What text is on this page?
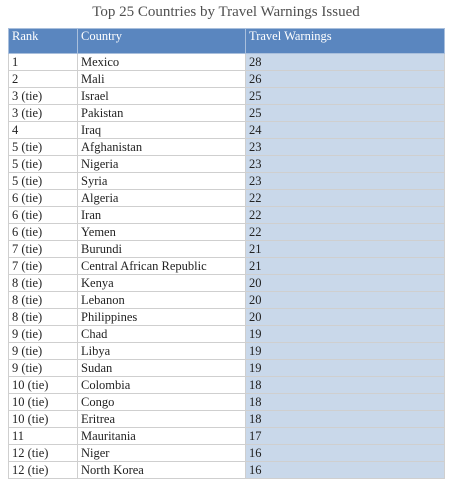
Top 25 Countries by Travel Warnings Issued
Rank	Country	Travel Warnings
1	Mexico	28
2	Mali	26
3 (tie)	Israel	25
3 (tie)	Pakistan	25
4	Iraq	24
5 (tie)	Afghanistan	23
5 (tie)	Nigeria	23
5 (tie)	Syria	23
6 (tie)	Algeria	22
6 (tie)	Iran	22
6 (tie)	Yemen	22
7 (tie)	Burundi	21
7 (tie)	Central African Republic	21
8 (tie)	Kenya	20
8 (tie)	Lebanon	20
8 (tie)	Philippines	20
9 (tie)	Chad	19
9 (tie)	Libya	19
9 (tie)	Sudan	19
10 (tie)	Colombia	18
10 (tie)	Congo	18
10 (tie)	Eritrea	18
11	Mauritania	17
12 (tie)	Niger	16
12 (tie)	North Korea	16
